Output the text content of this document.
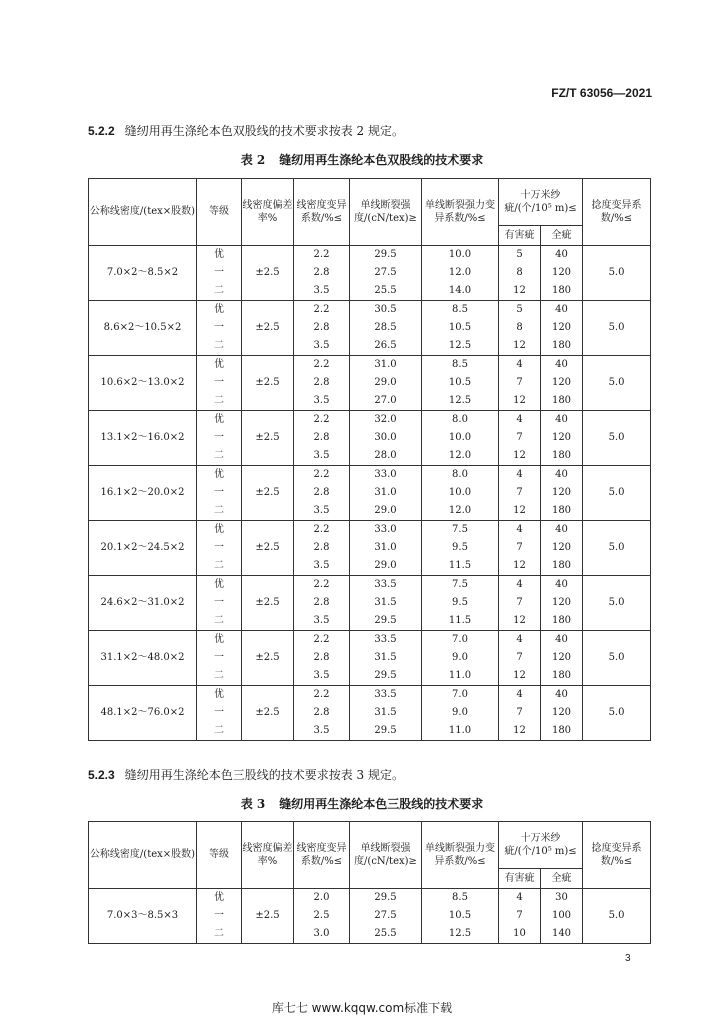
FZ/T 63056—2021
5.2.2 缝纫用再生涤纶本色双股线的技术要求按表 2 规定。
表 2 缝纫用再生涤纶本色双股线的技术要求
公称线密度/(tex×股数)	等级	线密度偏差率%	线密度变异系数/%≤	单线断裂强度/(cN/tex)≥	单线断裂强力变异系数/%≤	十万米纱疵/(个/10⁵ m)≤		捻度变异系数/%≤
						有害疵	全疵	
7.0×2～8.5×2	优	±2.5	2.2	29.5	10.0	5	40	5.0
	一		2.8	27.5	12.0	8	120	
	二		3.5	25.5	14.0	12	180	
8.6×2～10.5×2	优	±2.5	2.2	30.5	8.5	5	40	5.0
	一		2.8	28.5	10.5	8	120	
	二		3.5	26.5	12.5	12	180	
10.6×2～13.0×2	优	±2.5	2.2	31.0	8.5	4	40	5.0
	一		2.8	29.0	10.5	7	120	
	二		3.5	27.0	12.5	12	180	
13.1×2～16.0×2	优	±2.5	2.2	32.0	8.0	4	40	5.0
	一		2.8	30.0	10.0	7	120	
	二		3.5	28.0	12.0	12	180	
16.1×2～20.0×2	优	±2.5	2.2	33.0	8.0	4	40	5.0
	一		2.8	31.0	10.0	7	120	
	二		3.5	29.0	12.0	12	180	
20.1×2～24.5×2	优	±2.5	2.2	33.0	7.5	4	40	5.0
	一		2.8	31.0	9.5	7	120	
	二		3.5	29.0	11.5	12	180	
24.6×2～31.0×2	优	±2.5	2.2	33.5	7.5	4	40	5.0
	一		2.8	31.5	9.5	7	120	
	二		3.5	29.5	11.5	12	180	
31.1×2～48.0×2	优	±2.5	2.2	33.5	7.0	4	40	5.0
	一		2.8	31.5	9.0	7	120	
	二		3.5	29.5	11.0	12	180	
48.1×2～76.0×2	优	±2.5	2.2	33.5	7.0	4	40	5.0
	一		2.8	31.5	9.0	7	120	
	二		3.5	29.5	11.0	12	180	
5.2.3 缝纫用再生涤纶本色三股线的技术要求按表 3 规定。
表 3 缝纫用再生涤纶本色三股线的技术要求
公称线密度/(tex×股数)	等级	线密度偏差率%	线密度变异系数/%≤	单线断裂强度/(cN/tex)≥	单线断裂强力变异系数/%≤	十万米纱疵/(个/10⁵ m)≤		捻度变异系数/%≤
						有害疵	全疵	
7.0×3～8.5×3	优	±2.5	2.0	29.5	8.5	4	30	5.0
	一		2.5	27.5	10.5	7	100	
	二		3.0	25.5	12.5	10	140	
3
库七七 www.kqqw.com标准下载
